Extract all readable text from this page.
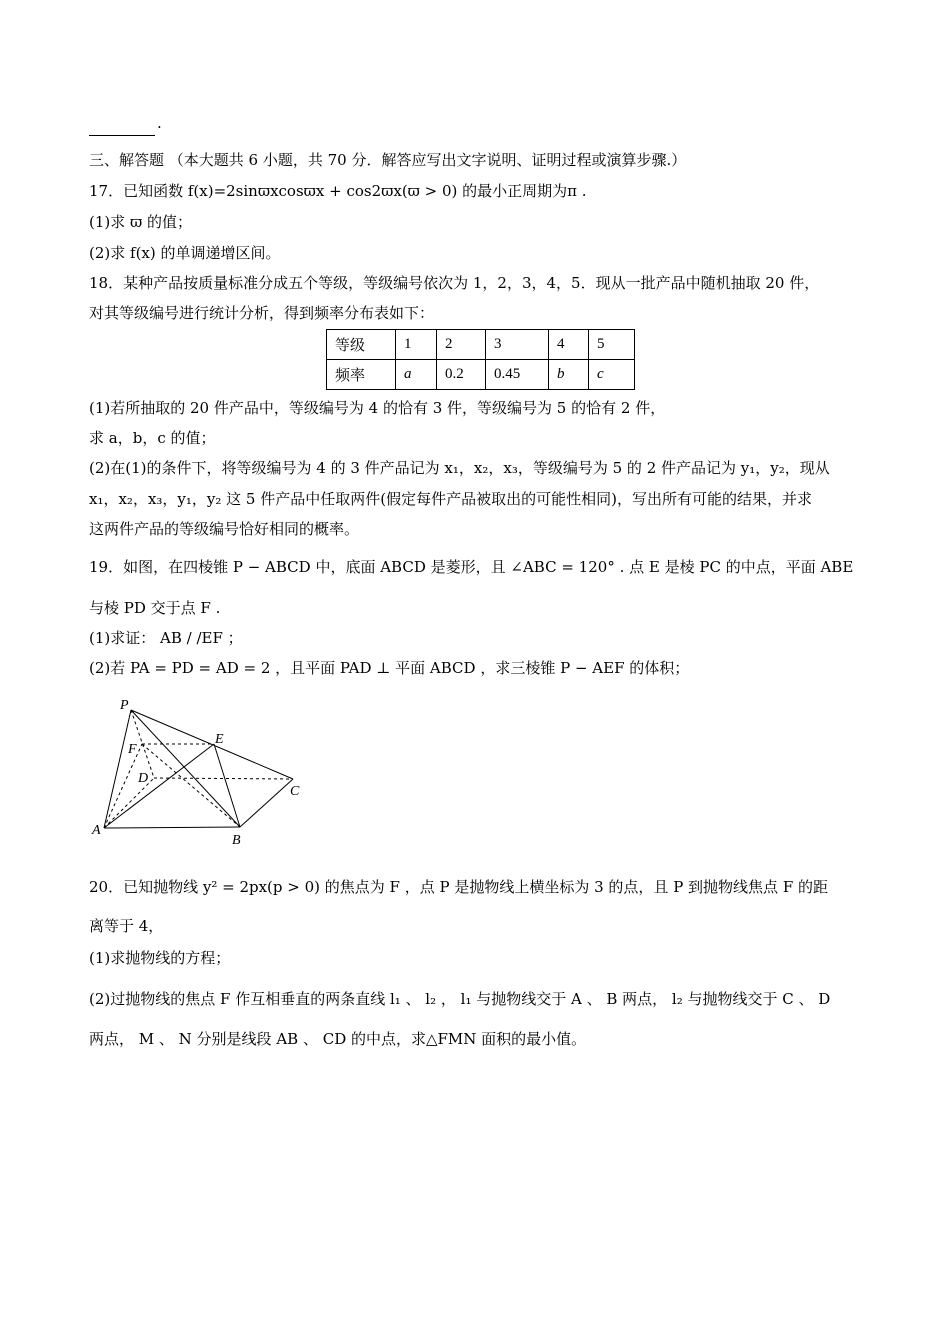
.
三、解答题 （本大题共 6 小题，共 70 分．解答应写出文字说明、证明过程或演算步骤.）
17．已知函数 f(x)=2sinϖxcosϖx + cos2ϖx(ϖ > 0) 的最小正周期为π .
(1)求 ϖ 的值；
(2)求 f(x) 的单调递增区间。
18．某种产品按质量标准分成五个等级，等级编号依次为 1，2，3，4，5．现从一批产品中随机抽取 20 件，
对其等级编号进行统计分析，得到频率分布表如下：
等级	1	2	3	4	5
频率	a	0.2	0.45	b	c
(1)若所抽取的 20 件产品中，等级编号为 4 的恰有 3 件，等级编号为 5 的恰有 2 件，
求 a，b，c 的值；
(2)在(1)的条件下，将等级编号为 4 的 3 件产品记为 x₁，x₂，x₃，等级编号为 5 的 2 件产品记为 y₁，y₂，现从
x₁，x₂，x₃，y₁，y₂ 这 5 件产品中任取两件(假定每件产品被取出的可能性相同)，写出所有可能的结果，并求
这两件产品的等级编号恰好相同的概率。
19．如图，在四棱锥 P − ABCD 中，底面 ABCD 是菱形，且 ∠ABC = 120° . 点 E 是棱 PC 的中点，平面 ABE
与棱 PD 交于点 F .
(1)求证： AB / /EF ；
(2)若 PA = PD = AD = 2 ，且平面 PAD ⊥ 平面 ABCD ，求三棱锥 P − AEF 的体积；
P
E
F
D
C
A
B
20．已知抛物线 y² = 2px(p > 0) 的焦点为 F ，点 P 是抛物线上横坐标为 3 的点，且 P 到抛物线焦点 F 的距
离等于 4，
(1)求抛物线的方程；
(2)过抛物线的焦点 F 作互相垂直的两条直线 l₁ 、 l₂ ， l₁ 与抛物线交于 A 、 B 两点， l₂ 与抛物线交于 C 、 D
两点， M 、 N 分别是线段 AB 、 CD 的中点，求△FMN 面积的最小值。
